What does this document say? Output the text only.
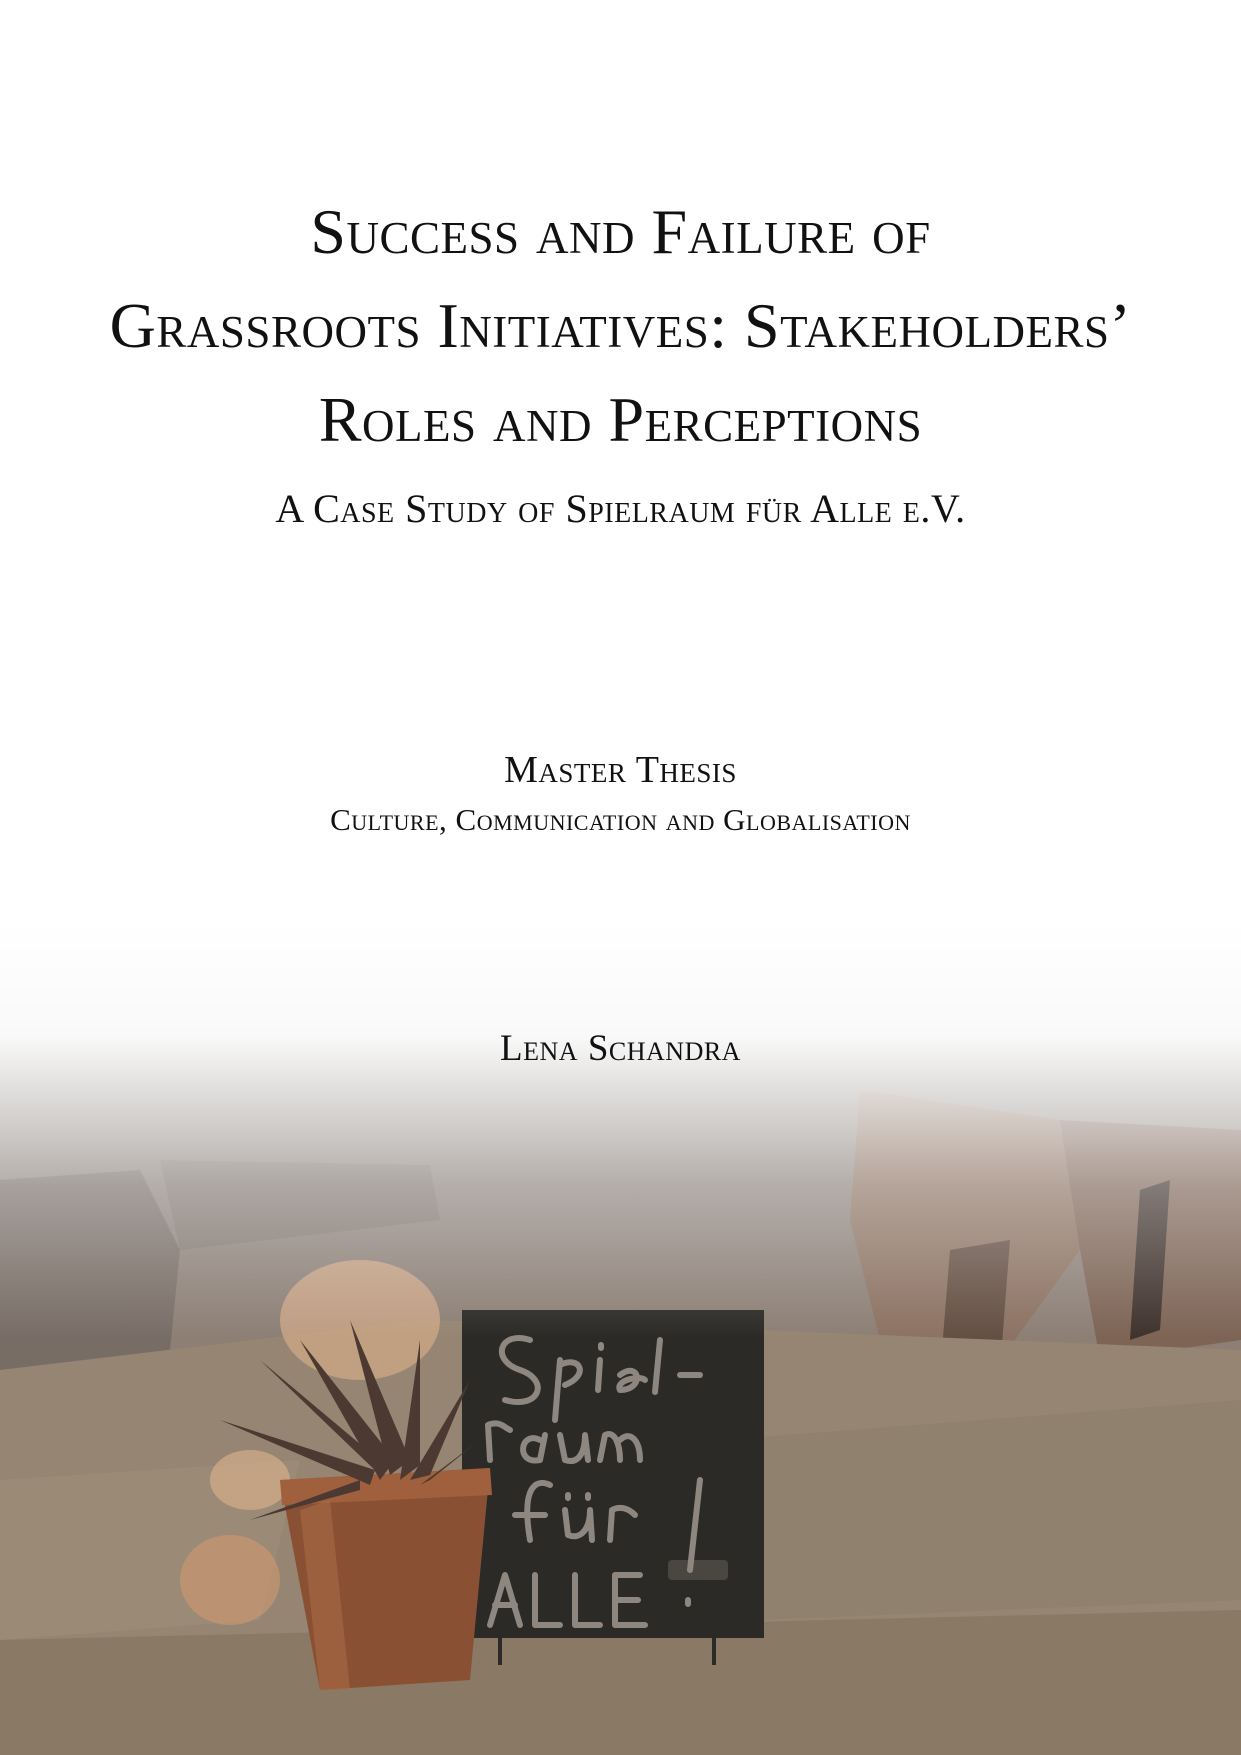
Success and Failure of
Grassroots Initiatives: Stakeholders’
Roles and Perceptions
A Case Study of Spielraum für Alle e.V.
Master Thesis
Culture, Communication and Globalisation
Lena Schandra
